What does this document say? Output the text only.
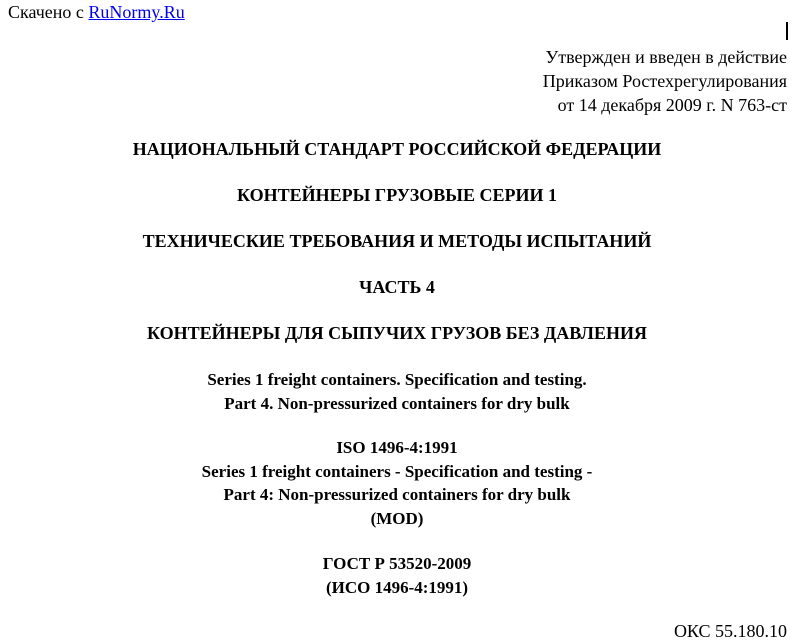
Скачено с RuNormy.Ru
Утвержден и введен в действие
Приказом Ростехрегулирования
от 14 декабря 2009 г. N 763-ст
НАЦИОНАЛЬНЫЙ СТАНДАРТ РОССИЙСКОЙ ФЕДЕРАЦИИ
КОНТЕЙНЕРЫ ГРУЗОВЫЕ СЕРИИ 1
ТЕХНИЧЕСКИЕ ТРЕБОВАНИЯ И МЕТОДЫ ИСПЫТАНИЙ
ЧАСТЬ 4
КОНТЕЙНЕРЫ ДЛЯ СЫПУЧИХ ГРУЗОВ БЕЗ ДАВЛЕНИЯ
Series 1 freight containers. Specification and testing.
Part 4. Non-pressurized containers for dry bulk
ISO 1496-4:1991
Series 1 freight containers - Specification and testing -
Part 4: Non-pressurized containers for dry bulk
(MOD)
ГОСТ Р 53520-2009
(ИСО 1496-4:1991)
ОКС 55.180.10
